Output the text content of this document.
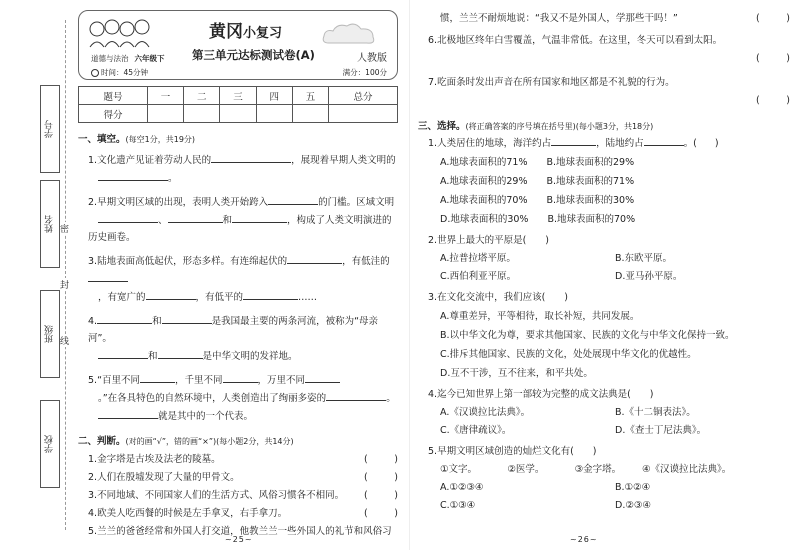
学号
姓名
班级
学校
密
封
线
黄冈小复习
道德与法治 六年级下 第三单元达标测试卷(A)	人教版
时间：45分钟	满分：100分
题号	一	二	三	四	五	总分
得分						
一、填空。(每空1分，共19分)
1.文化遗产见证着劳动人民的	，展现着早期人类文明的
。
2.早期文明区域的出现，表明人类开始跨入	的门槛。区域文明
、	和	，构成了人类文明演进的历史画卷。
3.陆地表面高低起伏，形态多样。有连绵起伏的	，有低洼的
，有宽广的	，有低平的	……
4.	和	是我国最主要的两条河流，被称为“母亲河”。
和	是中华文明的发祥地。
5.“百里不同	，千里不同	，万里不同
。”在各具特色的自然环境中，人类创造出了绚丽多姿的	。
就是其中的一个代表。
二、判断。(对的画“√”，错的画“×”)(每小题2分，共14分)
1.金字塔是古埃及法老的陵墓。	(	)
2.人们在殷墟发现了大量的甲骨文。	(	)
3.不同地域、不同国家人们的生活方式、风俗习惯各不相同。 (	)
4.欧美人吃西餐的时候是左手拿叉，右手拿刀。	(	)
5.兰兰的爸爸经常和外国人打交道，他教兰兰一些外国人的礼节和风俗习
惯，兰兰不耐烦地说：“我又不是外国人，学那些干吗！”	(	)
6.北极地区终年白雪覆盖，气温非常低。在这里，冬天可以看到太阳。
(	)
7.吃面条时发出声音在所有国家和地区都是不礼貌的行为。
(	)
三、选择。(将正确答案的序号填在括号里)(每小题3分，共18分)
1.人类居住的地球，海洋约占	，陆地约占	。( )
A.地球表面积的71%　　B.地球表面积的29%
A.地球表面积的29%　　B.地球表面积的71%
A.地球表面积的70%　　B.地球表面积的30%
D.地球表面积的30%　　B.地球表面积的70%
2.世界上最大的平原是(　　)
A.拉普拉塔平原。	B.东欧平原。
C.西伯利亚平原。	D.亚马孙平原。
3.在文化交流中，我们应该(　　)
A.尊重差异，平等相待，取长补短，共同发展。
B.以中华文化为尊，要求其他国家、民族的文化与中华文化保持一致。
C.排斥其他国家、民族的文化，处处展现中华文化的优越性。
D.互不干涉，互不往来，和平共处。
4.迄今已知世界上第一部较为完整的成文法典是(　　)
A.《汉谟拉比法典》。	B.《十二铜表法》。
C.《唐律疏议》。	D.《查士丁尼法典》。
5.早期文明区域创造的灿烂文化有(　　)
①文字。	②医学。	③金字塔。	④《汉谟拉比法典》。
A.①②③④	B.①②④
C.①③④	D.②③④
~25~	~26~
